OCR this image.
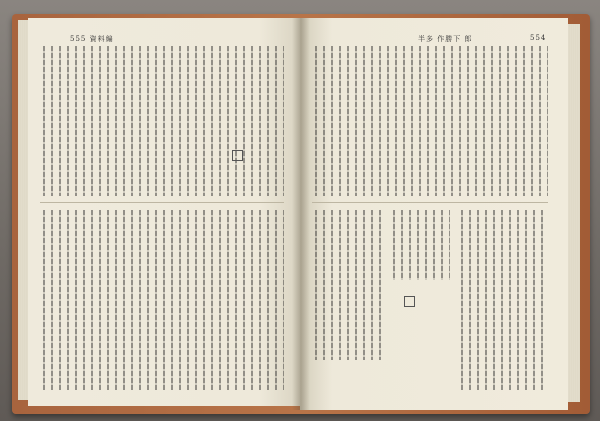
555 資料編	554
半多 作勝下 郎
